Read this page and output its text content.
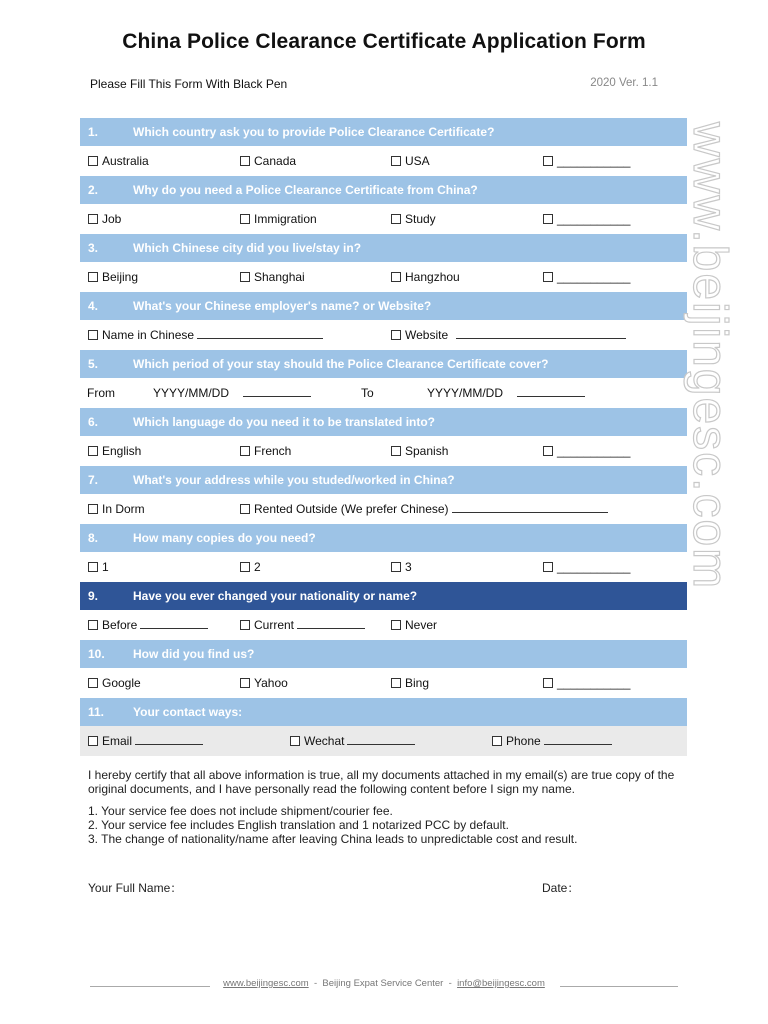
China Police Clearance Certificate Application Form
Please Fill This Form With Black Pen	2020 Ver. 1.1
1.	Which country ask you to provide Police Clearance Certificate?
Australia	Canada	USA	___________
2.	Why do you need a Police Clearance Certificate from China?
Job	Immigration	Study	___________
3.	Which Chinese city did you live/stay in?
Beijing	Shanghai	Hangzhou	___________
4.	What's your Chinese employer's name? or Website?
Name in Chinese	Website
5.	Which period of your stay should the Police Clearance Certificate cover?
From	YYYY/MM/DD	To	YYYY/MM/DD
6.	Which language do you need it to be translated into?
English	French	Spanish	___________
7.	What's your address while you studed/worked in China?
In Dorm	Rented Outside (We prefer Chinese)
8.	How many copies do you need?
1	2	3	___________
9.	Have you ever changed your nationality or name?
Before	Current	Never
10. How did you find us?
Google	Yahoo	Bing	___________
11. Your contact ways:
Email	Wechat	Phone
www.beijingesc.com
I hereby certify that all above information is true, all my documents attached in my email(s) are true copy of the original documents, and I have personally read the following content before I sign my name.
1. Your service fee does not include shipment/courier fee.
2. Your service fee includes English translation and 1 notarized PCC by default.
3. The change of nationality/name after leaving China leads to unpredictable cost and result.
Your Full Name：	Date：
www.beijingesc.com - Beijing Expat Service Center - info@beijingesc.com
